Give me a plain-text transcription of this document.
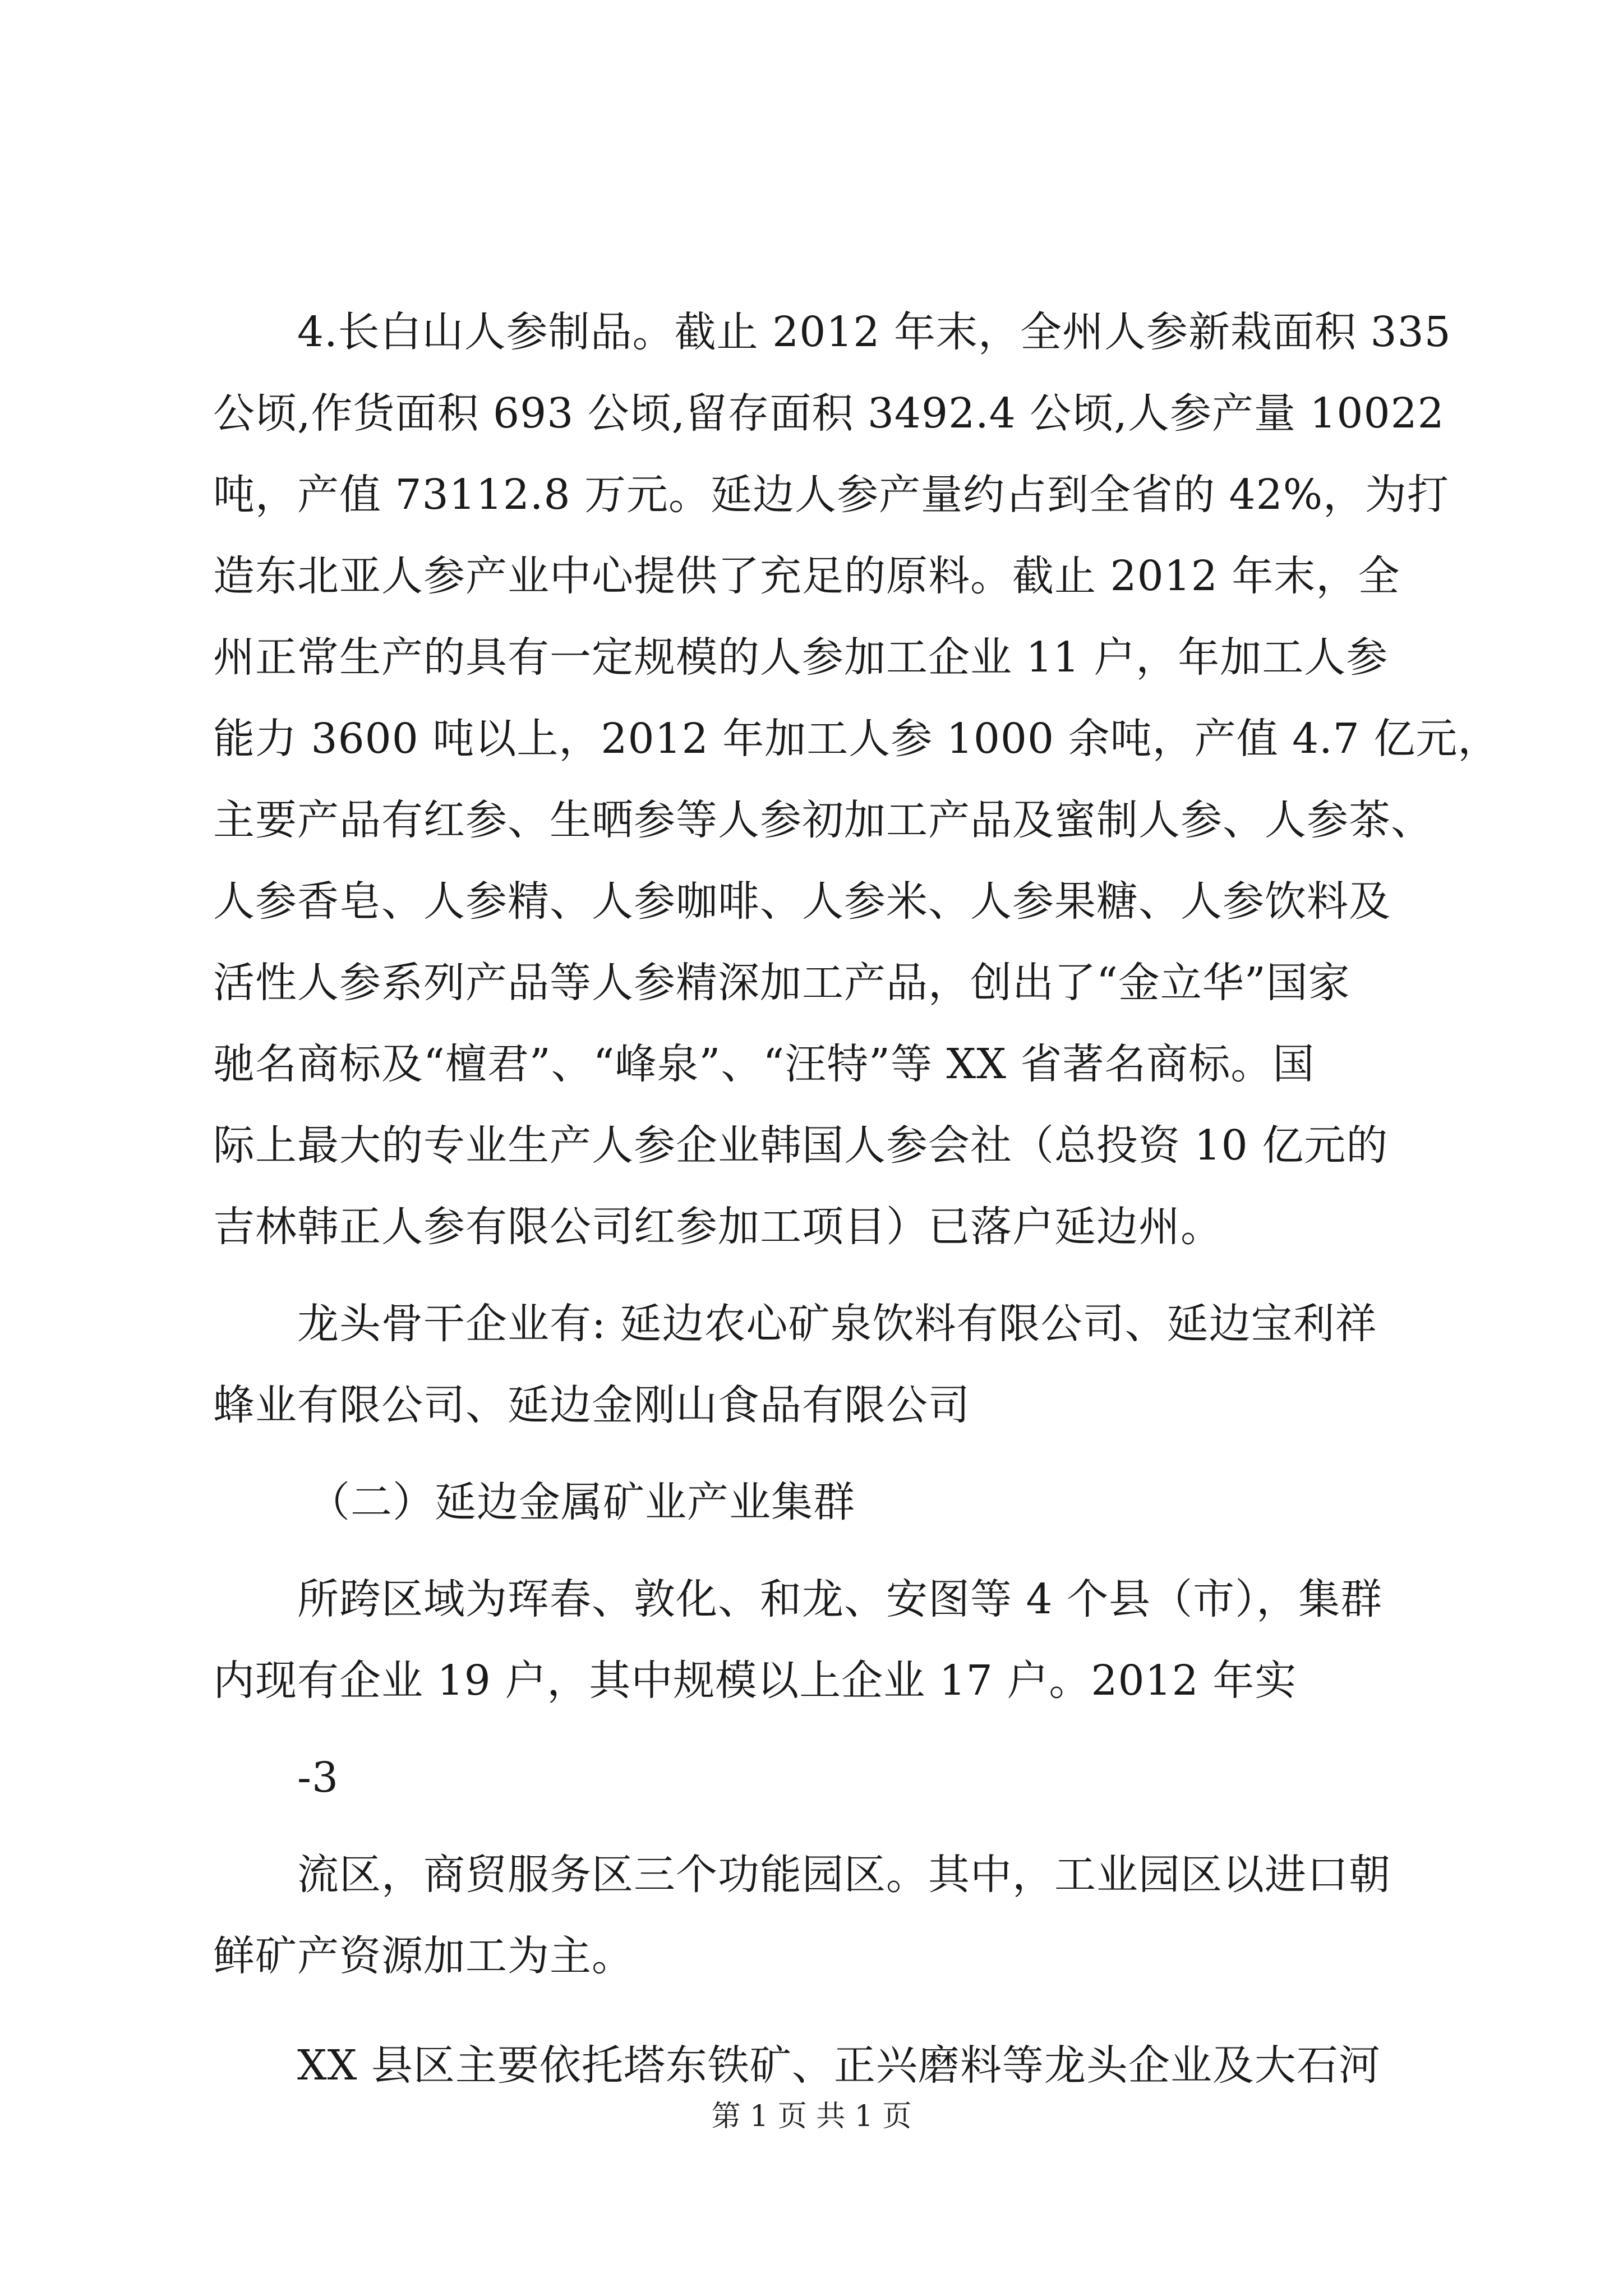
4.长白山人参制品。截止 2012 年末，全州人参新栽面积 335
公顷,作货面积 693 公顷,留存面积 3492.4 公顷,人参产量 10022
吨，产值 73112.8 万元。延边人参产量约占到全省的 42%，为打
造东北亚人参产业中心提供了充足的原料。截止 2012 年末，全
州正常生产的具有一定规模的人参加工企业 11 户，年加工人参
能力 3600 吨以上，2012 年加工人参 1000 余吨，产值 4.7 亿元，
主要产品有红参、生晒参等人参初加工产品及蜜制人参、人参茶、
人参香皂、人参精、人参咖啡、人参米、人参果糖、人参饮料及
活性人参系列产品等人参精深加工产品，创出了“金立华”国家
驰名商标及“檀君”、“峰泉”、“汪特”等 XX 省著名商标。国
际上最大的专业生产人参企业韩国人参会社（总投资 10 亿元的
吉林韩正人参有限公司红参加工项目）已落户延边州。
龙头骨干企业有: 延边农心矿泉饮料有限公司、延边宝利祥
蜂业有限公司、延边金刚山食品有限公司
（二）延边金属矿业产业集群
所跨区域为珲春、敦化、和龙、安图等 4 个县（市），集群
内现有企业 19 户，其中规模以上企业 17 户。2012 年实
-3
流区，商贸服务区三个功能园区。其中，工业园区以进口朝
鲜矿产资源加工为主。
XX 县区主要依托塔东铁矿、正兴磨料等龙头企业及大石河
第 1 页 共 1 页
